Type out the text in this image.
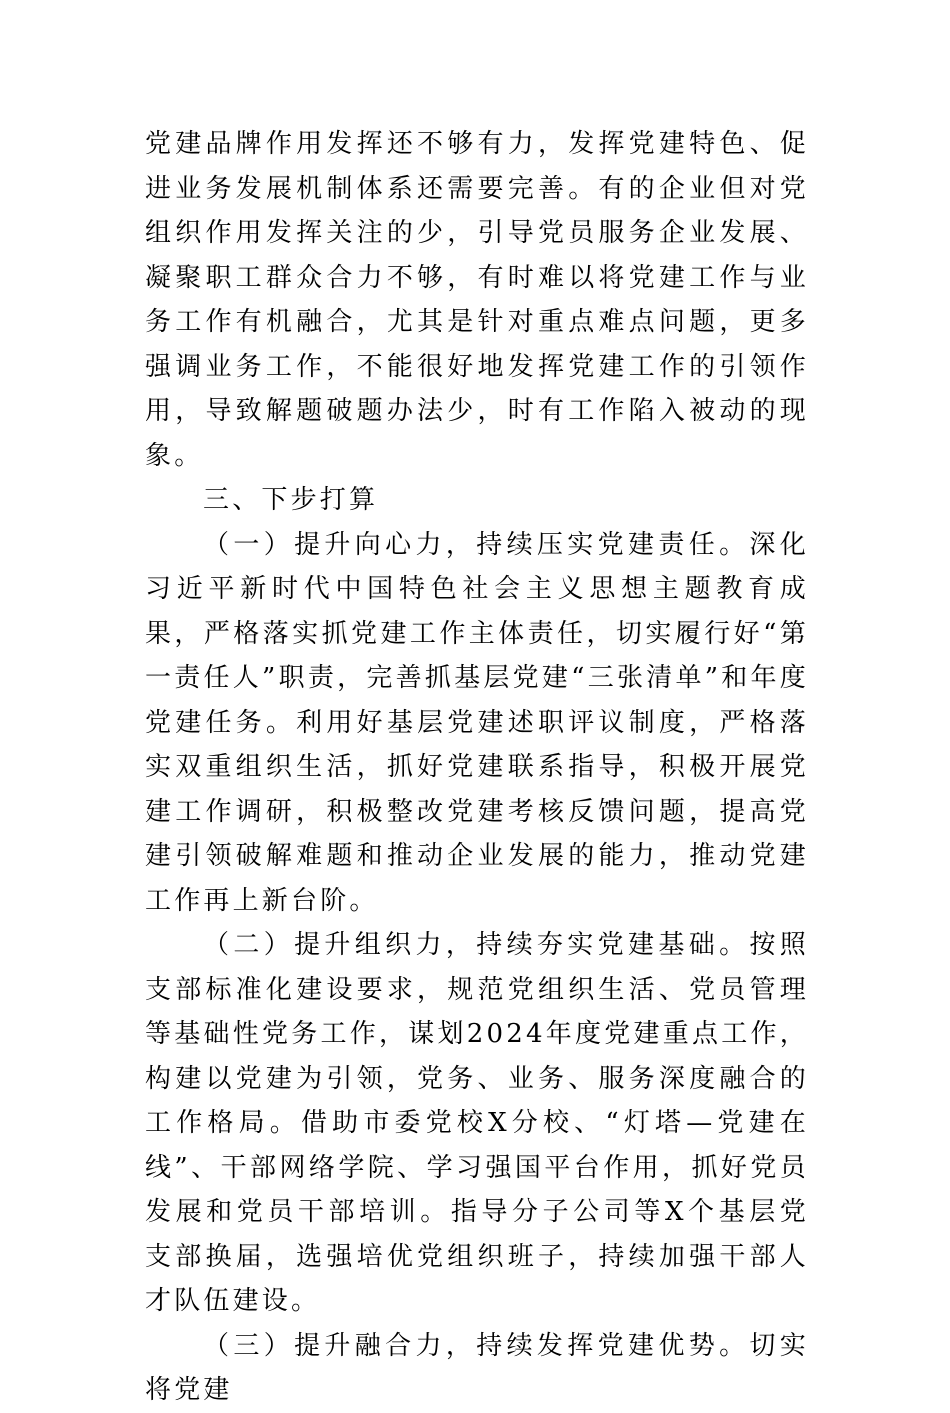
党建品牌作用发挥还不够有力，发挥党建特色、促进业务发展机制体系还需要完善。有的企业但对党组织作用发挥关注的少，引导党员服务企业发展、凝聚职工群众合力不够，有时难以将党建工作与业务工作有机融合，尤其是针对重点难点问题，更多强调业务工作，不能很好地发挥党建工作的引领作用，导致解题破题办法少，时有工作陷入被动的现象。

三、下步打算

（一）提升向心力，持续压实党建责任。深化习近平新时代中国特色社会主义思想主题教育成果，严格落实抓党建工作主体责任，切实履行好“第一责任人”职责，完善抓基层党建“三张清单”和年度党建任务。利用好基层党建述职评议制度，严格落实双重组织生活，抓好党建联系指导，积极开展党建工作调研，积极整改党建考核反馈问题，提高党建引领破解难题和推动企业发展的能力，推动党建工作再上新台阶。

（二）提升组织力，持续夯实党建基础。按照支部标准化建设要求，规范党组织生活、党员管理等基础性党务工作，谋划2024年度党建重点工作，构建以党建为引领，党务、业务、服务深度融合的工作格局。借助市委党校X分校、“灯塔—党建在线”、干部网络学院、学习强国平台作用，抓好党员发展和党员干部培训。指导分子公司等X个基层党支部换届，选强培优党组织班子，持续加强干部人才队伍建设。

（三）提升融合力，持续发挥党建优势。切实将党建
